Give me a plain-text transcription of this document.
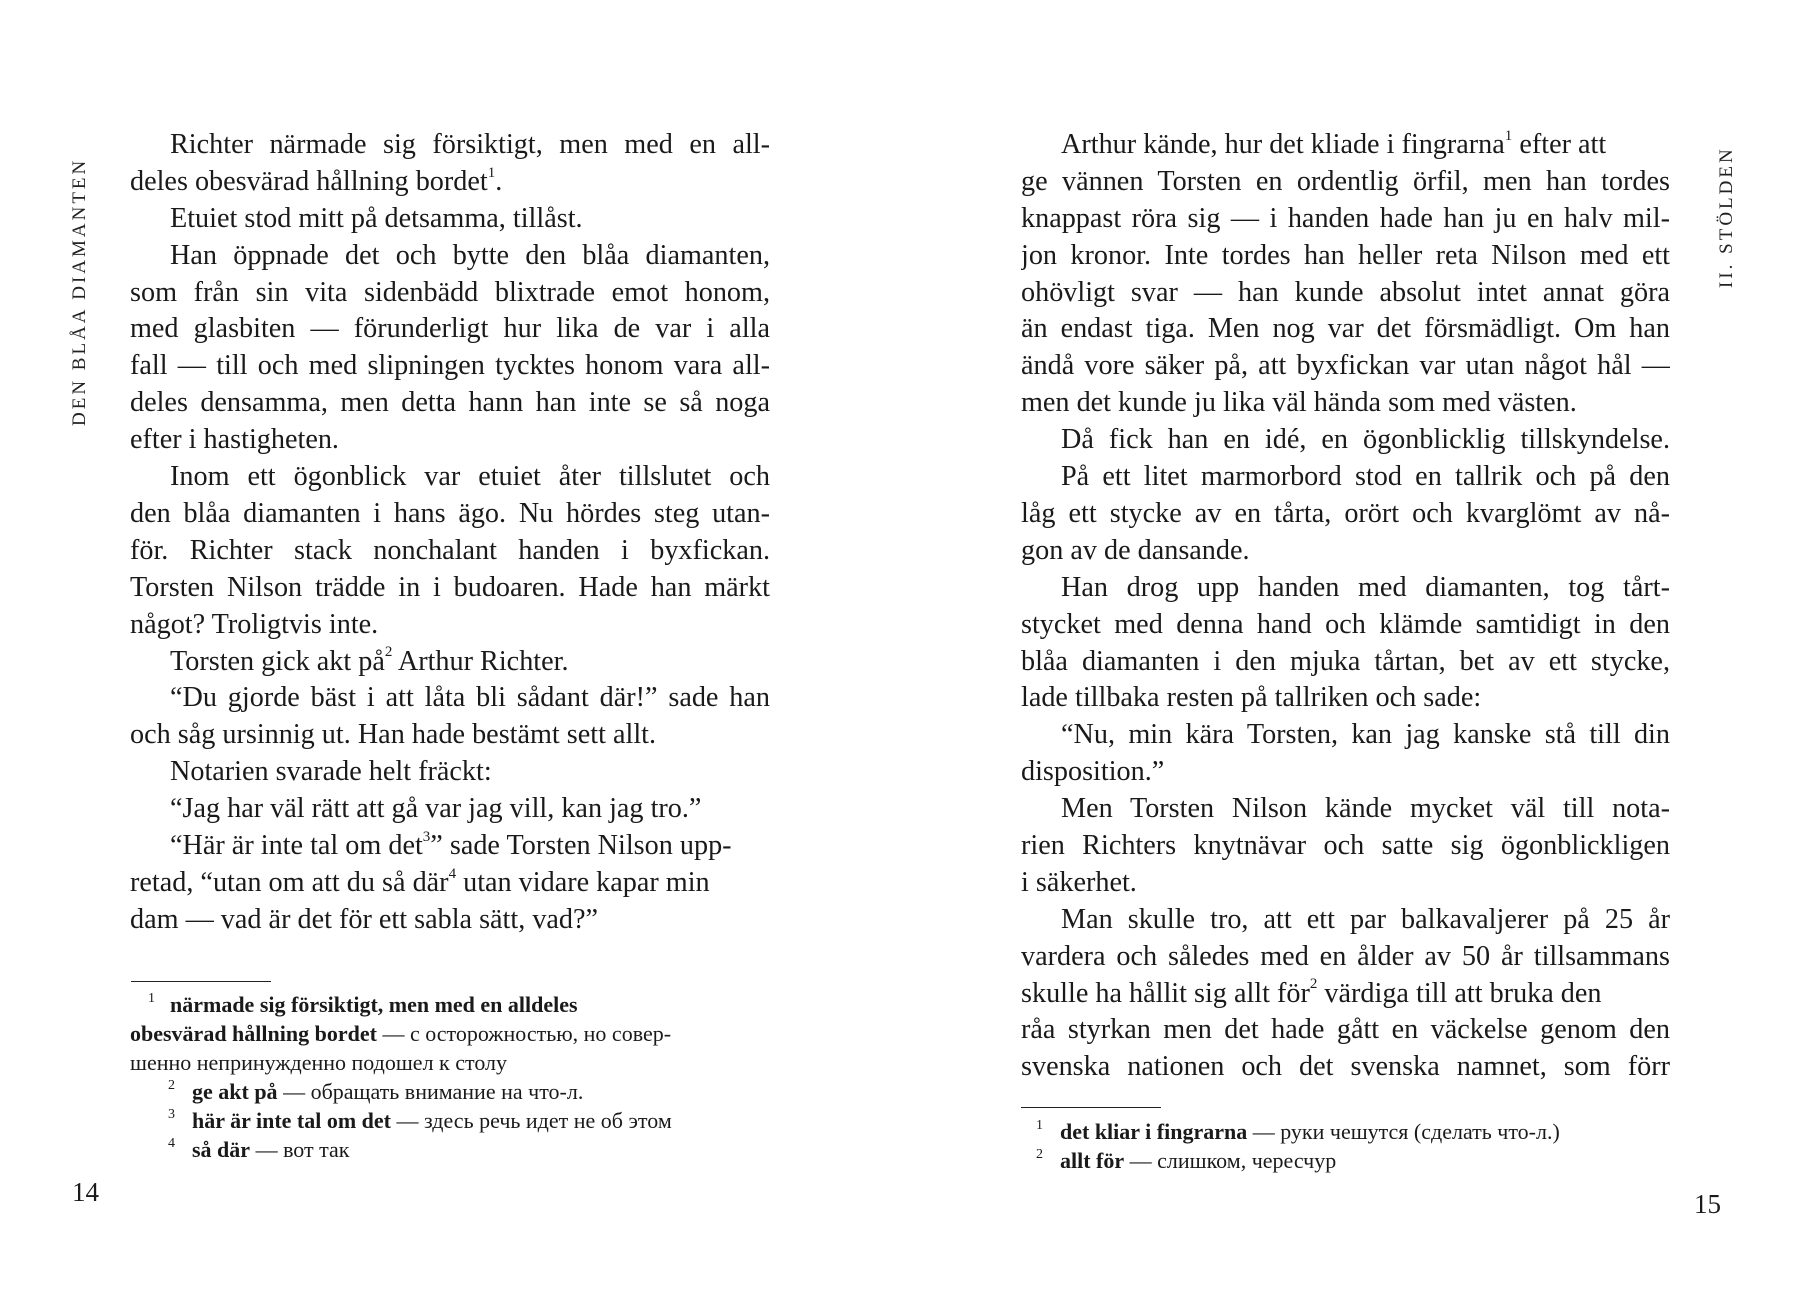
DEN BLÅA DIAMANTEN
Richter närmade sig försiktigt, men med en all-
deles obesvärad hållning bordet$^1$.
Etuiet stod mitt på detsamma, tillåst.
Han öppnade det och bytte den blåa diamanten,
som från sin vita sidenbädd blixtrade emot honom,
med glasbiten — förunderligt hur lika de var i alla
fall — till och med slipningen tycktes honom vara all-
deles densamma, men detta hann han inte se så noga
efter i hastigheten.
Inom ett ögonblick var etuiet åter tillslutet och
den blåa diamanten i hans ägo. Nu hördes steg utan-
för. Richter stack nonchalant handen i byxfickan.
Torsten Nilson trädde in i budoaren. Hade han märkt
något? Troligtvis inte.
Torsten gick akt $på^2$ Arthur Richter.
“Du gjorde bäst i att låta bli sådant där!” sade han
och såg ursinnig ut. Han hade bestämt sett allt.
Notarien svarade helt fräckt:
“Jag har väl rätt att gå var jag vill, kan jag tro.”
“Här är inte tal om $\det^3$” sade Torsten Nilson upp-
retad, “utan om att du så där$^4$ utan vidare kapar min
dam — vad är det för ett sabla sätt, vad?”
1 närmade sig försiktigt, men med en alldeles
obesvärad hållning bordet — с осторожностью, но совер-
шенно непринужденно подошел к столу
2 ge akt på — обращать внимание на что-л.
3 här är inte tal om det — здесь речь идет не об этом
4 så där — вот так
14
II. STÖLDEN
Arthur kände, hur det kliade i fingrarna$^1$ efter att
ge vännen Torsten en ordentlig örfil, men han tordes
knappast röra sig — i handen hade han ju en halv mil-
jon kronor. Inte tordes han heller reta Nilson med ett
ohövligt svar — han kunde absolut intet annat göra
än endast tiga. Men nog var det försmädligt. Om han
ändå vore säker på, att byxfickan var utan något hål —
men det kunde ju lika väl hända som med västen.
Då fick han en idé, en ögonblicklig tillskyndelse.
På ett litet marmorbord stod en tallrik och på den
låg ett stycke av en tårta, orört och kvarglömt av nå-
gon av de dansande.
Han drog upp handen med diamanten, tog tårt-
stycket med denna hand och klämde samtidigt in den
blåa diamanten i den mjuka tårtan, bet av ett stycke,
lade tillbaka resten på tallriken och sade:
“Nu, min kära Torsten, kan jag kanske stå till din
disposition.”
Men Torsten Nilson kände mycket väl till nota-
rien Richters knytnävar och satte sig ögonblickligen
i säkerhet.
Man skulle tro, att ett par balkavaljerer på 25 år
vardera och således med en ålder av 50 år tillsammans
skulle ha hållit sig allt för$^2$ värdiga till att bruka den
råa styrkan men det hade gått en väckelse genom den
svenska nationen och det svenska namnet, som förr
1 det kliar i fingrarna — руки чешутся (сделать что-л.)
2 allt för — слишком, чересчур
15
